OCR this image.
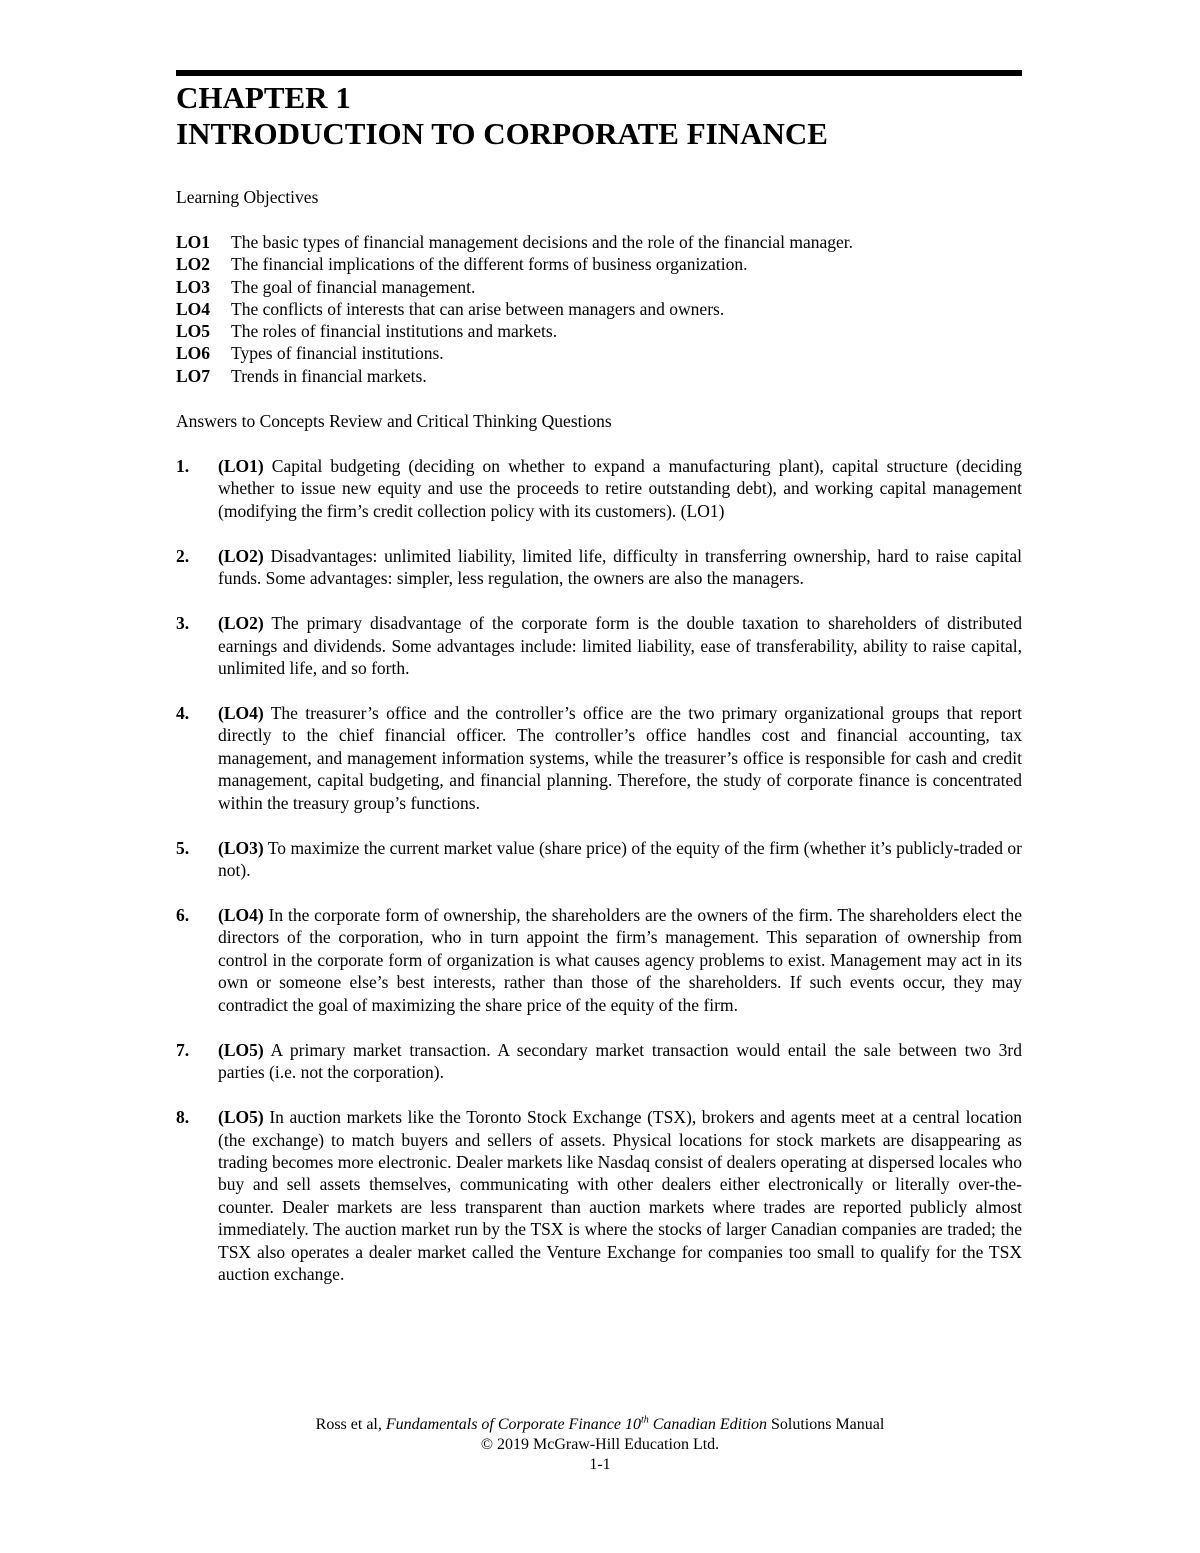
CHAPTER 1
INTRODUCTION TO CORPORATE FINANCE
Learning Objectives
LO1	The basic types of financial management decisions and the role of the financial manager.
LO2	The financial implications of the different forms of business organization.
LO3	The goal of financial management.
LO4	The conflicts of interests that can arise between managers and owners.
LO5	The roles of financial institutions and markets.
LO6	Types of financial institutions.
LO7	Trends in financial markets.
Answers to Concepts Review and Critical Thinking Questions
1.	(LO1) Capital budgeting (deciding on whether to expand a manufacturing plant), capital structure (deciding whether to issue new equity and use the proceeds to retire outstanding debt), and working capital management (modifying the firm’s credit collection policy with its customers). (LO1)
2.	(LO2) Disadvantages: unlimited liability, limited life, difficulty in transferring ownership, hard to raise capital funds. Some advantages: simpler, less regulation, the owners are also the managers.
3.	(LO2) The primary disadvantage of the corporate form is the double taxation to shareholders of distributed earnings and dividends. Some advantages include: limited liability, ease of transferability, ability to raise capital, unlimited life, and so forth.
4.	(LO4) The treasurer’s office and the controller’s office are the two primary organizational groups that report directly to the chief financial officer. The controller’s office handles cost and financial accounting, tax management, and management information systems, while the treasurer’s office is responsible for cash and credit management, capital budgeting, and financial planning. Therefore, the study of corporate finance is concentrated within the treasury group’s functions.
5.	(LO3) To maximize the current market value (share price) of the equity of the firm (whether it’s publicly-traded or not).
6.	(LO4) In the corporate form of ownership, the shareholders are the owners of the firm. The shareholders elect the directors of the corporation, who in turn appoint the firm’s management. This separation of ownership from control in the corporate form of organization is what causes agency problems to exist. Management may act in its own or someone else’s best interests, rather than those of the shareholders. If such events occur, they may contradict the goal of maximizing the share price of the equity of the firm.
7.	(LO5) A primary market transaction. A secondary market transaction would entail the sale between two 3rd parties (i.e. not the corporation).
8.	(LO5) In auction markets like the Toronto Stock Exchange (TSX), brokers and agents meet at a central location (the exchange) to match buyers and sellers of assets. Physical locations for stock markets are disappearing as trading becomes more electronic. Dealer markets like Nasdaq consist of dealers operating at dispersed locales who buy and sell assets themselves, communicating with other dealers either electronically or literally over-the-counter. Dealer markets are less transparent than auction markets where trades are reported publicly almost immediately. The auction market run by the TSX is where the stocks of larger Canadian companies are traded; the TSX also operates a dealer market called the Venture Exchange for companies too small to qualify for the TSX auction exchange.
Ross et al, Fundamentals of Corporate Finance 10th Canadian Edition Solutions Manual
© 2019 McGraw-Hill Education Ltd.
1-1
